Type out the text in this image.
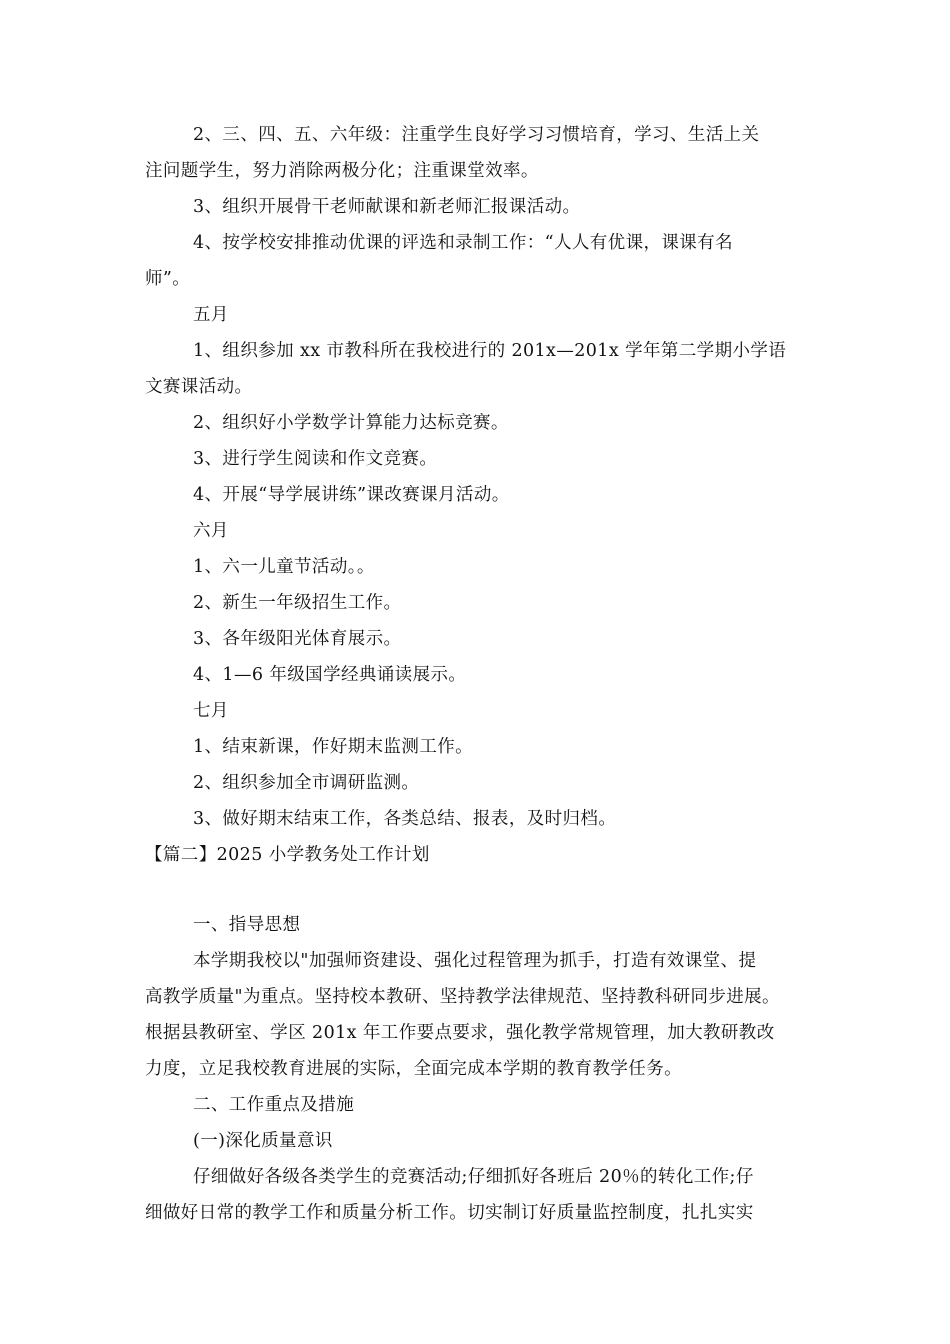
2、三、四、五、六年级：注重学生良好学习习惯培育，学习、生活上关
注问题学生，努力消除两极分化；注重课堂效率。
3、组织开展骨干老师献课和新老师汇报课活动。
4、按学校安排推动优课的评选和录制工作：“人人有优课，课课有名
师”。
五月
1、组织参加 xx 市教科所在我校进行的 201x—201x 学年第二学期小学语
文赛课活动。
2、组织好小学数学计算能力达标竞赛。
3、进行学生阅读和作文竞赛。
4、开展“导学展讲练”课改赛课月活动。
六月
1、六一儿童节活动。。
2、新生一年级招生工作。
3、各年级阳光体育展示。
4、1—6 年级国学经典诵读展示。
七月
1、结束新课，作好期末监测工作。
2、组织参加全市调研监测。
3、做好期末结束工作，各类总结、报表，及时归档。
【篇二】2025 小学教务处工作计划
一、指导思想
本学期我校以"加强师资建设、强化过程管理为抓手，打造有效课堂、提
高教学质量"为重点。坚持校本教研、坚持教学法律规范、坚持教科研同步进展。
根据县教研室、学区 201x 年工作要点要求，强化教学常规管理，加大教研教改
力度，立足我校教育进展的实际，全面完成本学期的教育教学任务。
二、工作重点及措施
(一)深化质量意识
仔细做好各级各类学生的竞赛活动;仔细抓好各班后 20％的转化工作;仔
细做好日常的教学工作和质量分析工作。切实制订好质量监控制度，扎扎实实
